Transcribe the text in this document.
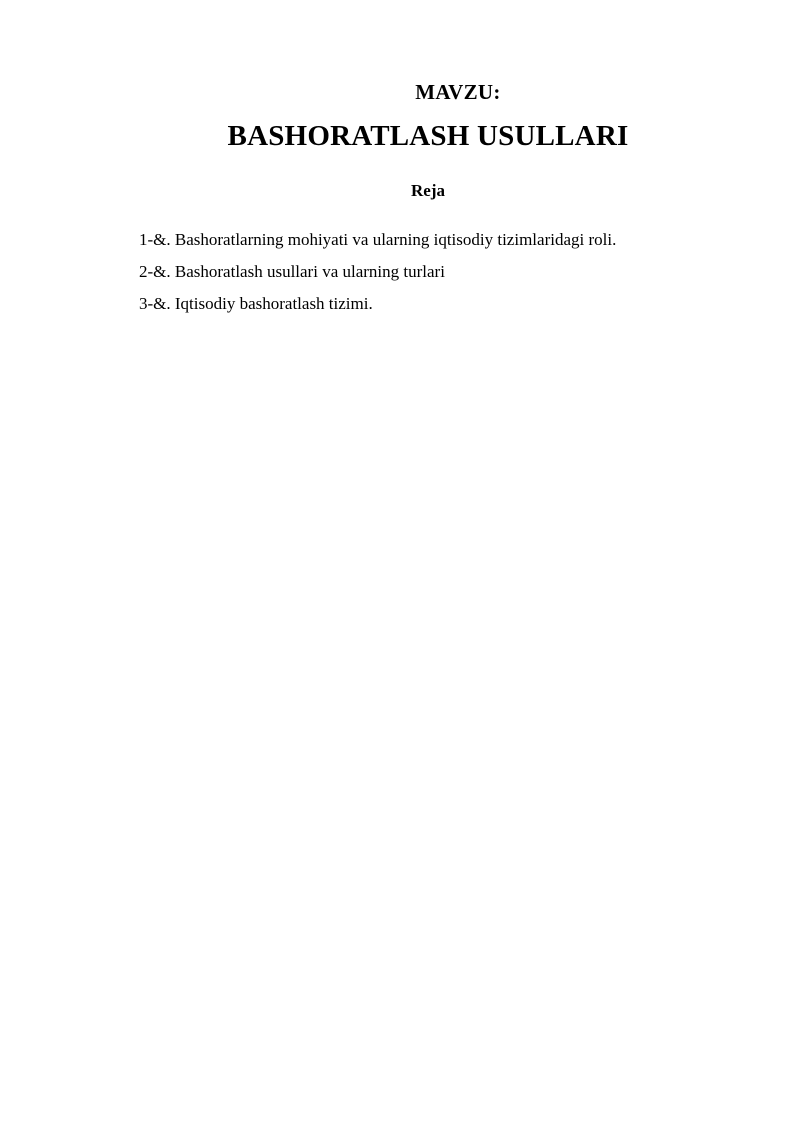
MAVZU:
BASHORATLASH USULLARI
Reja
1-&. Bashoratlarning mohiyati va ularning iqtisodiy tizimlaridagi roli.
2-&. Bashoratlash usullari va ularning turlari
3-&. Iqtisodiy bashoratlash tizimi.
